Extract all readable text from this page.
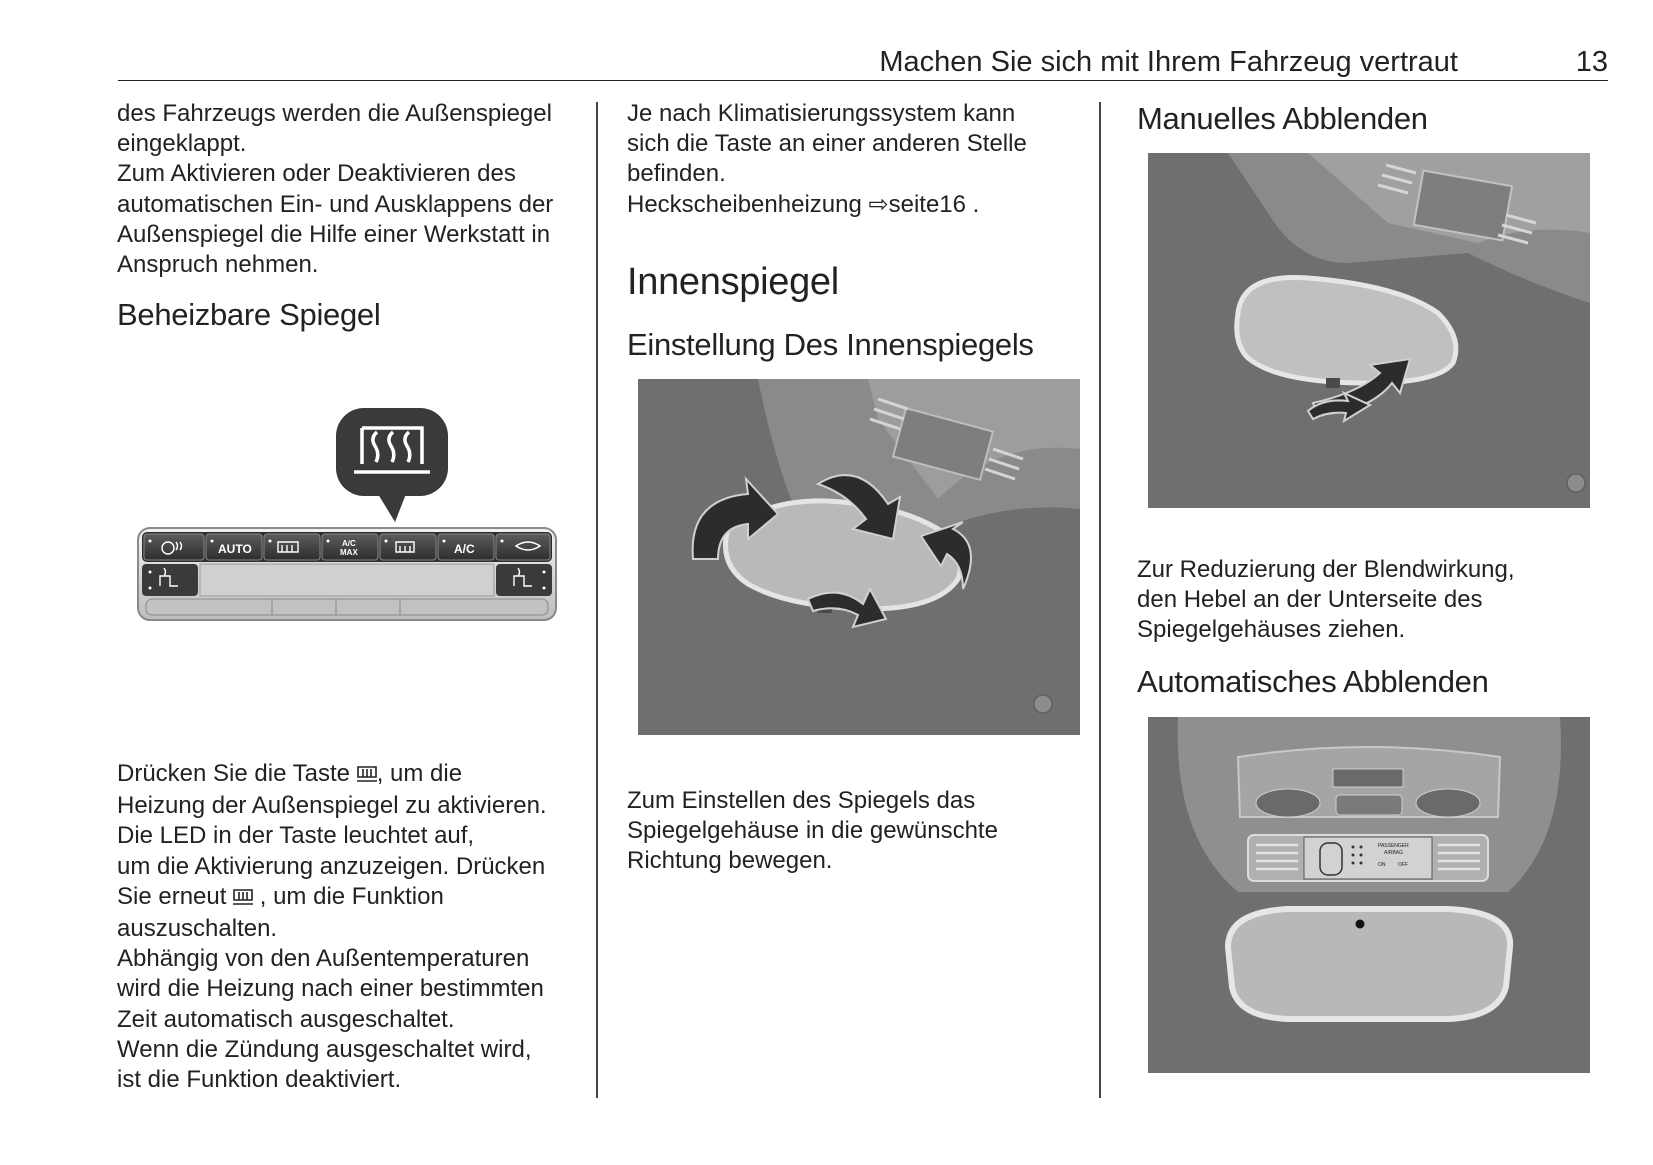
Machen Sie sich mit Ihrem Fahrzeug vertraut	13

des Fahrzeugs werden die Außenspiegel

eingeklappt.

Zum Aktivieren oder Deaktivieren des

automatischen Ein- und Ausklappens der

Außenspiegel die Hilfe einer Werkstatt in

Anspruch nehmen.

Beheizbare Spiegel
AUTO	A/C
MAX	A/C

Drücken Sie die Taste , um die

Heizung der Außenspiegel zu aktivieren.

Die LED in der Taste leuchtet auf,

um die Aktivierung anzuzeigen. Drücken

Sie erneut  , um die Funktion

auszuschalten.

Abhängig von den Außentemperaturen

wird die Heizung nach einer bestimmten

Zeit automatisch ausgeschaltet.

Wenn die Zündung ausgeschaltet wird,

ist die Funktion deaktiviert.

Je nach Klimatisierungssystem kann

sich die Taste an einer anderen Stelle

befinden.

Heckscheibenheizung ⇨seite16 .

Innenspiegel
Einstellung Des Innenspiegels

Zum Einstellen des Spiegels das

Spiegelgehäuse in die gewünschte

Richtung bewegen.

Manuelles Abblenden

Zur Reduzierung der Blendwirkung,

den Hebel an der Unterseite des

Spiegelgehäuses ziehen.

Automatisches Abblenden
PASSENGER
AIRBAG
ON	OFF
